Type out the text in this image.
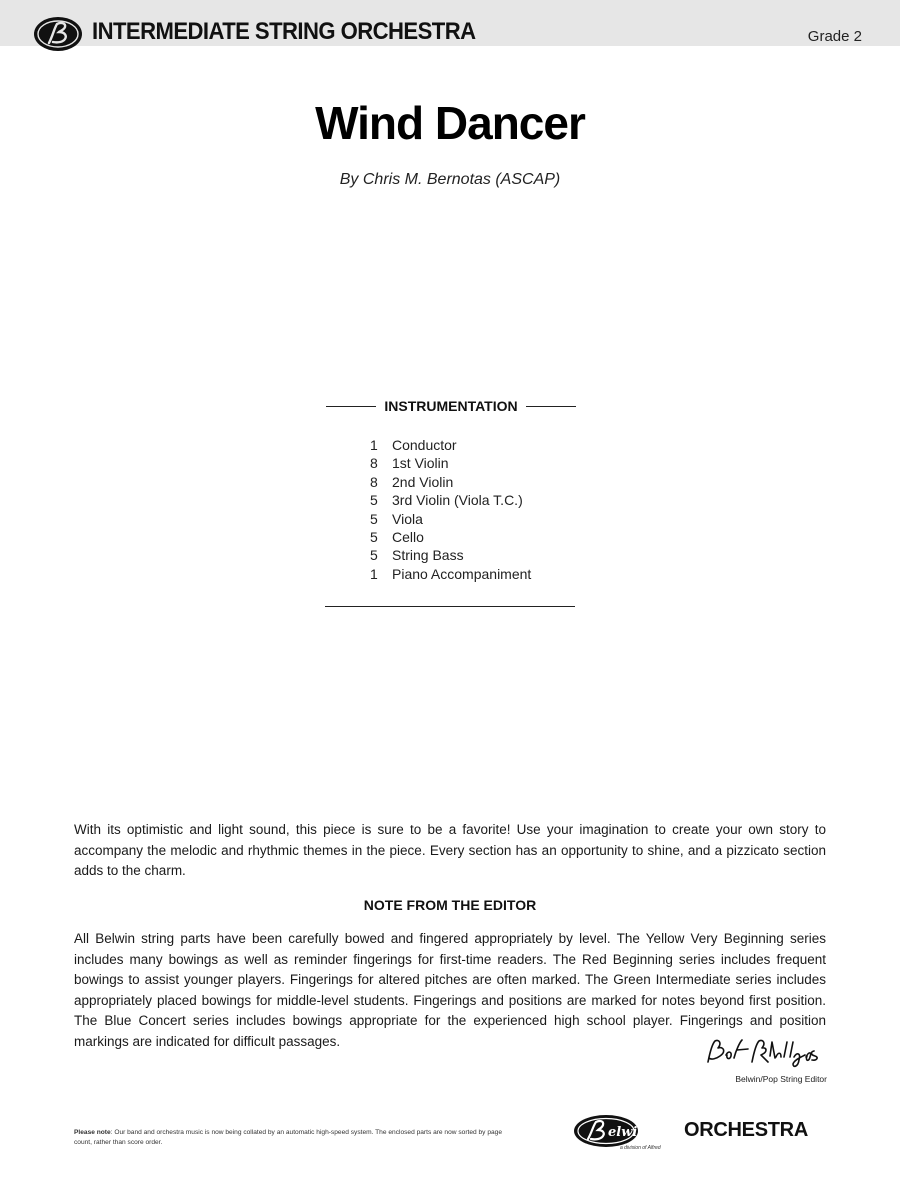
INTERMEDIATE STRING ORCHESTRA	Grade 2
Wind Dancer
By Chris M. Bernotas (ASCAP)
INSTRUMENTATION
1	Conductor
8	1st Violin
8	2nd Violin
5	3rd Violin (Viola T.C.)
5	Viola
5	Cello
5	String Bass
1	Piano Accompaniment

With its optimistic and light sound, this piece is sure to be a favorite! Use your imagination to create your own story to accompany the melodic and rhythmic themes in the piece. Every section has an opportunity to shine, and a pizzicato section adds to the charm.

NOTE FROM THE EDITOR

All Belwin string parts have been carefully bowed and fingered appropriately by level. The Yellow Very Beginning series includes many bowings as well as reminder fingerings for first-time readers. The Red Beginning series includes frequent bowings to assist younger players. Fingerings for altered pitches are often marked. The Green Intermediate series includes appropriately placed bowings for middle-level students. Fingerings and positions are marked for notes beyond first position. The Blue Concert series includes bowings appropriate for the experienced high school player. Fingerings and position markings are indicated for difficult passages.

Belwin/Pop String Editor

Please note: Our band and orchestra music is now being collated by an automatic high-speed system. The enclosed parts are now sorted by page count, rather than score order.

elwin ORCHESTRA
a division of Alfred
